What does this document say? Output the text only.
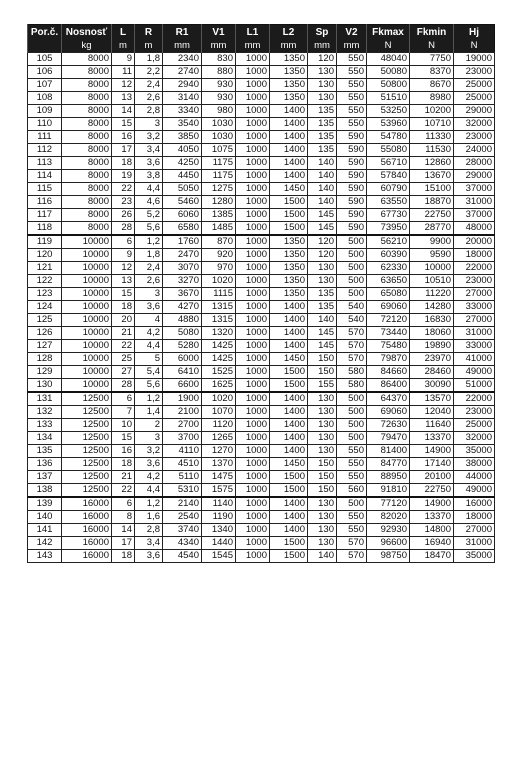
Por.č.	Nosnosť	L	R	R1	V1	L1	L2	Sp	V2	Fkmax	Fkmin	Hj
	kg	m	m	mm	mm	mm	mm	mm	mm	N	N	N
105	8000	9	1,8	2340	830	1000	1350	120	550	48040	7750	19000
106	8000	11	2,2	2740	880	1000	1350	130	550	50080	8370	23000
107	8000	12	2,4	2940	930	1000	1350	130	550	50800	8670	25000
108	8000	13	2,6	3140	930	1000	1350	130	550	51510	8980	25000
109	8000	14	2,8	3340	980	1000	1400	135	550	53250	10200	29000
110	8000	15	3	3540	1030	1000	1400	135	550	53960	10710	32000
111	8000	16	3,2	3850	1030	1000	1400	135	590	54780	11330	23000
112	8000	17	3,4	4050	1075	1000	1400	135	590	55080	11530	24000
113	8000	18	3,6	4250	1175	1000	1400	140	590	56710	12860	28000
114	8000	19	3,8	4450	1175	1000	1400	140	590	57840	13670	29000
115	8000	22	4,4	5050	1275	1000	1450	140	590	60790	15100	37000
116	8000	23	4,6	5460	1280	1000	1500	140	590	63550	18870	31000
117	8000	26	5,2	6060	1385	1000	1500	145	590	67730	22750	37000
118	8000	28	5,6	6580	1485	1000	1500	145	590	73950	28770	48000
119	10000	6	1,2	1760	870	1000	1350	120	500	56210	9900	20000
120	10000	9	1,8	2470	920	1000	1350	120	500	60390	9590	18000
121	10000	12	2,4	3070	970	1000	1350	130	500	62330	10000	22000
122	10000	13	2,6	3270	1020	1000	1350	130	500	63650	10510	23000
123	10000	15	3	3670	1115	1000	1350	135	500	65080	11220	27000
124	10000	18	3,6	4270	1315	1000	1400	135	540	69060	14280	33000
125	10000	20	4	4880	1315	1000	1400	140	540	72120	16830	27000
126	10000	21	4,2	5080	1320	1000	1400	145	570	73440	18060	31000
127	10000	22	4,4	5280	1425	1000	1400	145	570	75480	19890	33000
128	10000	25	5	6000	1425	1000	1450	150	570	79870	23970	41000
129	10000	27	5,4	6410	1525	1000	1500	150	580	84660	28460	49000
130	10000	28	5,6	6600	1625	1000	1500	155	580	86400	30090	51000
131	12500	6	1,2	1900	1020	1000	1400	130	500	64370	13570	22000
132	12500	7	1,4	2100	1070	1000	1400	130	500	69060	12040	23000
133	12500	10	2	2700	1120	1000	1400	130	500	72630	11640	25000
134	12500	15	3	3700	1265	1000	1400	130	500	79470	13370	32000
135	12500	16	3,2	4110	1270	1000	1400	130	550	81400	14900	35000
136	12500	18	3,6	4510	1370	1000	1450	150	550	84770	17140	38000
137	12500	21	4,2	5110	1475	1000	1500	150	550	88950	20100	44000
138	12500	22	4,4	5310	1575	1000	1500	150	560	91810	22750	49000
139	16000	6	1,2	2140	1140	1000	1400	130	500	77120	14900	16000
140	16000	8	1,6	2540	1190	1000	1400	130	550	82020	13370	18000
141	16000	14	2,8	3740	1340	1000	1400	130	550	92930	14800	27000
142	16000	17	3,4	4340	1440	1000	1500	130	570	96600	16940	31000
143	16000	18	3,6	4540	1545	1000	1500	140	570	98750	18470	35000
